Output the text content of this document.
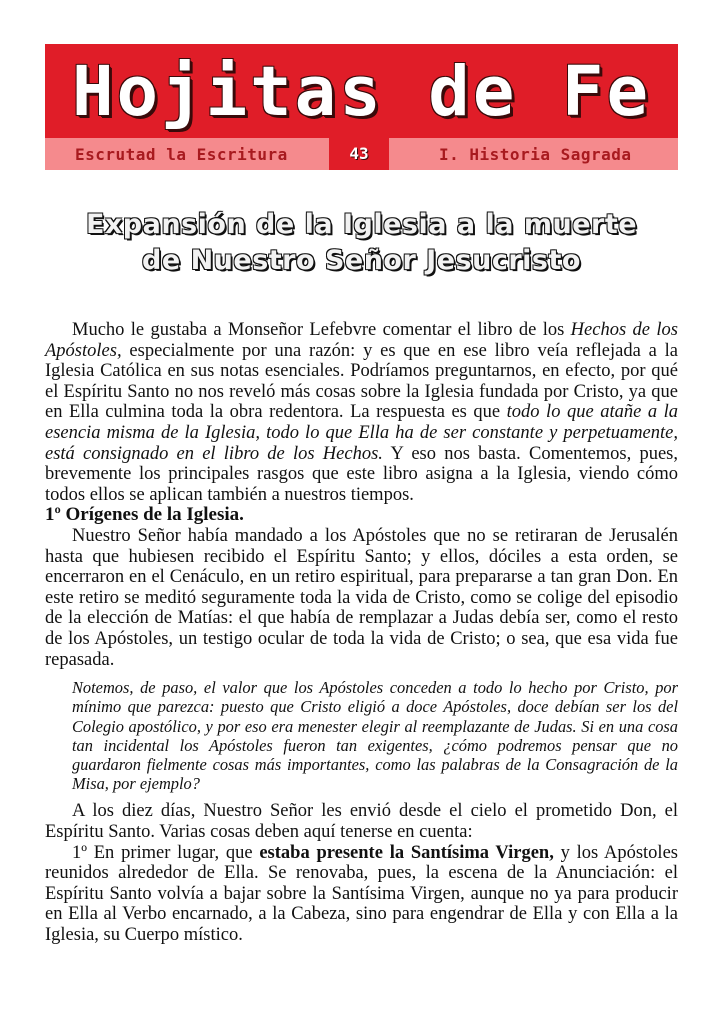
Hojitas de Fe
Escrutad la Escritura	43	I. Historia Sagrada
Expansión de la Iglesia a la muerte
de Nuestro Señor Jesucristo

Mucho le gustaba a Monseñor Lefebvre comentar el libro de los Hechos de los Apóstoles, especialmente por una razón: y es que en ese libro veía reflejada a la Iglesia Católica en sus notas esenciales. Podríamos preguntarnos, en efecto, por qué el Espíritu Santo no nos reveló más cosas sobre la Iglesia fundada por Cristo, ya que en Ella culmina toda la obra redentora. La respuesta es que todo lo que atañe a la esencia misma de la Iglesia, todo lo que Ella ha de ser constante y perpetuamente, está consignado en el libro de los Hechos. Y eso nos basta. Comentemos, pues, brevemente los principales rasgos que este libro asigna a la Iglesia, viendo cómo todos ellos se aplican también a nuestros tiempos.

1º Orígenes de la Iglesia.

Nuestro Señor había mandado a los Apóstoles que no se retiraran de Jerusalén hasta que hubiesen recibido el Espíritu Santo; y ellos, dóciles a esta orden, se encerraron en el Cenáculo, en un retiro espiritual, para prepararse a tan gran Don. En este retiro se meditó seguramente toda la vida de Cristo, como se colige del episodio de la elección de Matías: el que había de remplazar a Judas debía ser, como el resto de los Apóstoles, un testigo ocular de toda la vida de Cristo; o sea, que esa vida fue repasada.

Notemos, de paso, el valor que los Apóstoles conceden a todo lo hecho por Cristo, por mínimo que parezca: puesto que Cristo eligió a doce Apóstoles, doce debían ser los del Colegio apostólico, y por eso era menester elegir al reemplazante de Judas. Si en una cosa tan incidental los Apóstoles fueron tan exigentes, ¿cómo podremos pensar que no guardaron fielmente cosas más importantes, como las palabras de la Consagración de la Misa, por ejemplo?

A los diez días, Nuestro Señor les envió desde el cielo el prometido Don, el Espíritu Santo. Varias cosas deben aquí tenerse en cuenta:

1º En primer lugar, que estaba presente la Santísima Virgen, y los Apóstoles reunidos alrededor de Ella. Se renovaba, pues, la escena de la Anunciación: el Espíritu Santo volvía a bajar sobre la Santísima Virgen, aunque no ya para producir en Ella al Verbo encarnado, a la Cabeza, sino para engendrar de Ella y con Ella a la Iglesia, su Cuerpo místico.
